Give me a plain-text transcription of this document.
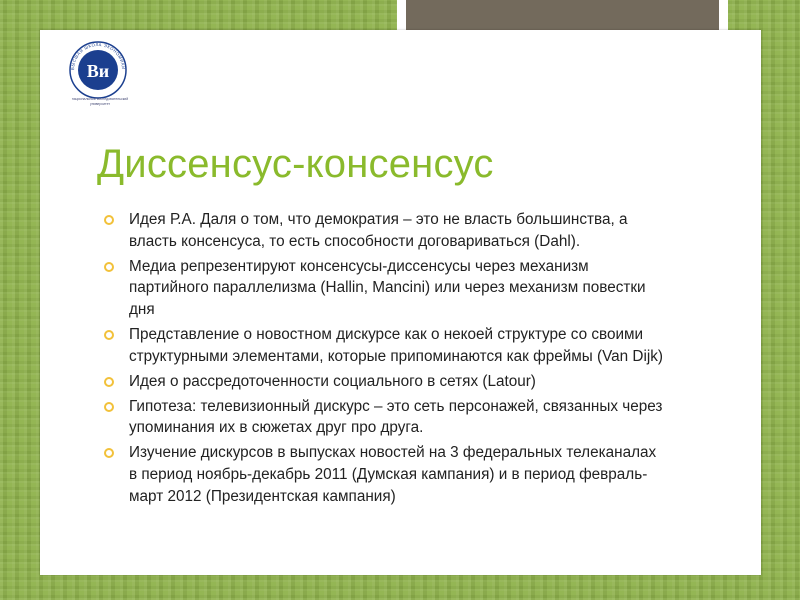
Ви
ВЫСШАЯ ШКОЛА ЭКОНОМИКИ
национальный исследовательский университет
Диссенсус-консенсус
Идея Р.А. Даля о том, что демократия – это не власть большинства, а власть консенсуса, то есть способности договариваться (Dahl).
Медиа репрезентируют консенсусы-диссенсусы через механизм партийного параллелизма (Hallin, Mancini) или через механизм повестки дня
Представление о новостном дискурсе как о некоей структуре со своими структурными элементами, которые припоминаются как фреймы (Van Dijk)
Идея о рассредоточенности социального в сетях (Latour)
Гипотеза: телевизионный дискурс – это сеть персонажей, связанных через упоминания их в сюжетах друг про друга.
Изучение дискурсов в выпусках новостей на 3 федеральных телеканалах в период ноябрь-декабрь 2011 (Думская кампания) и в период февраль-март 2012 (Президентская кампания)
